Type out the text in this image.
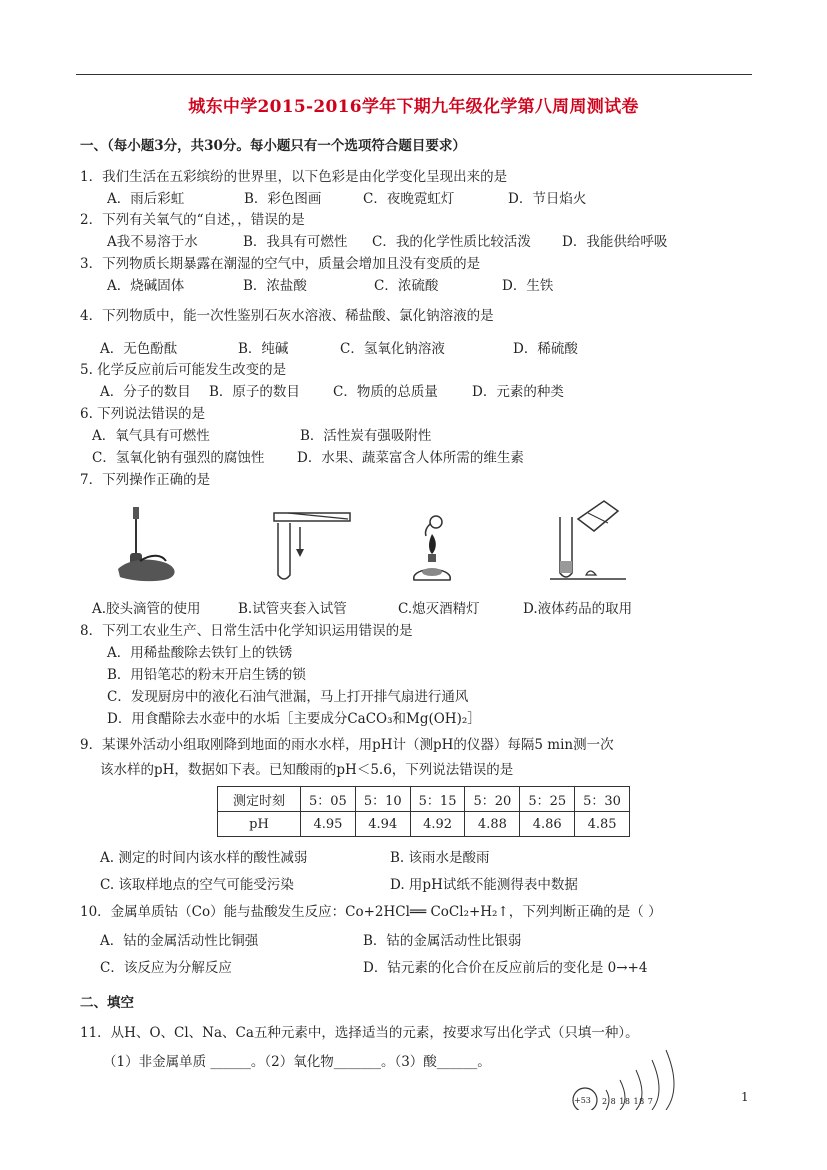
城东中学2015-2016学年下期九年级化学第八周周测试卷
一、（每小题3分，共30分。每小题只有一个选项符合题目要求）
1．我们生活在五彩缤纷的世界里，以下色彩是由化学变化呈现出来的是
A．雨后彩虹	B．彩色图画	C．夜晚霓虹灯	D．节日焰火
2．下列有关氧气的“自述，，错误的是
A我不易溶于水	B．我具有可燃性 C．我的化学性质比较活泼 D．我能供给呼吸
3．下列物质长期暴露在潮湿的空气中，质量会增加且没有变质的是
A．烧碱固体	B．浓盐酸	C．浓硫酸	D．生铁
4．下列物质中，能一次性鉴别石灰水溶液、稀盐酸、氯化钠溶液的是
A．无色酚酞	B．纯碱	C．氢氧化钠溶液	D．稀硫酸
5. 化学反应前后可能发生改变的是
A．分子的数目 B．原子的数目 C．物质的总质量	D．元素的种类
6. 下列说法错误的是
A．氧气具有可燃性	B．活性炭有强吸附性
C．氢氧化钠有强烈的腐蚀性 D．水果、蔬菜富含人体所需的维生素
7．下列操作正确的是
A.胶头滴管的使用	B.试管夹套入试管	C.熄灭酒精灯	D.液体药品的取用
8．下列工农业生产、日常生活中化学知识运用错误的是
A．用稀盐酸除去铁钉上的铁锈
B．用铅笔芯的粉末开启生锈的锁
C．发现厨房中的液化石油气泄漏，马上打开排气扇进行通风
D．用食醋除去水壶中的水垢［主要成分CaCO₃和Mg(OH)₂］
9．某课外活动小组取刚降到地面的雨水水样，用pH计（测pH的仪器）每隔5 min测一次
该水样的pH，数据如下表。已知酸雨的pH＜5.6，下列说法错误的是
测定时刻	5：05	5：10	5：15	5：20	5：25	5：30
pH	4.95	4.94	4.92	4.88	4.86	4.85
A. 测定的时间内该水样的酸性减弱	B. 该雨水是酸雨
C. 该取样地点的空气可能受污染	D. 用pH试纸不能测得表中数据
10．金属单质钴（Co）能与盐酸发生反应：Co+2HCl══ CoCl₂+H₂↑，下列判断正确的是（ ）
A．钴的金属活动性比铜强	B．钴的金属活动性比银弱
C．该反应为分解反应	D．钴元素的化合价在反应前后的变化是 0→+4
二、填空
11．从H、O、Cl、Na、Ca五种元素中，选择适当的元素，按要求写出化学式（只填一种）。
（1）非金属单质 ______。（2）氧化物_______。（3）酸______。
+53 2 8 18 18 7	1
